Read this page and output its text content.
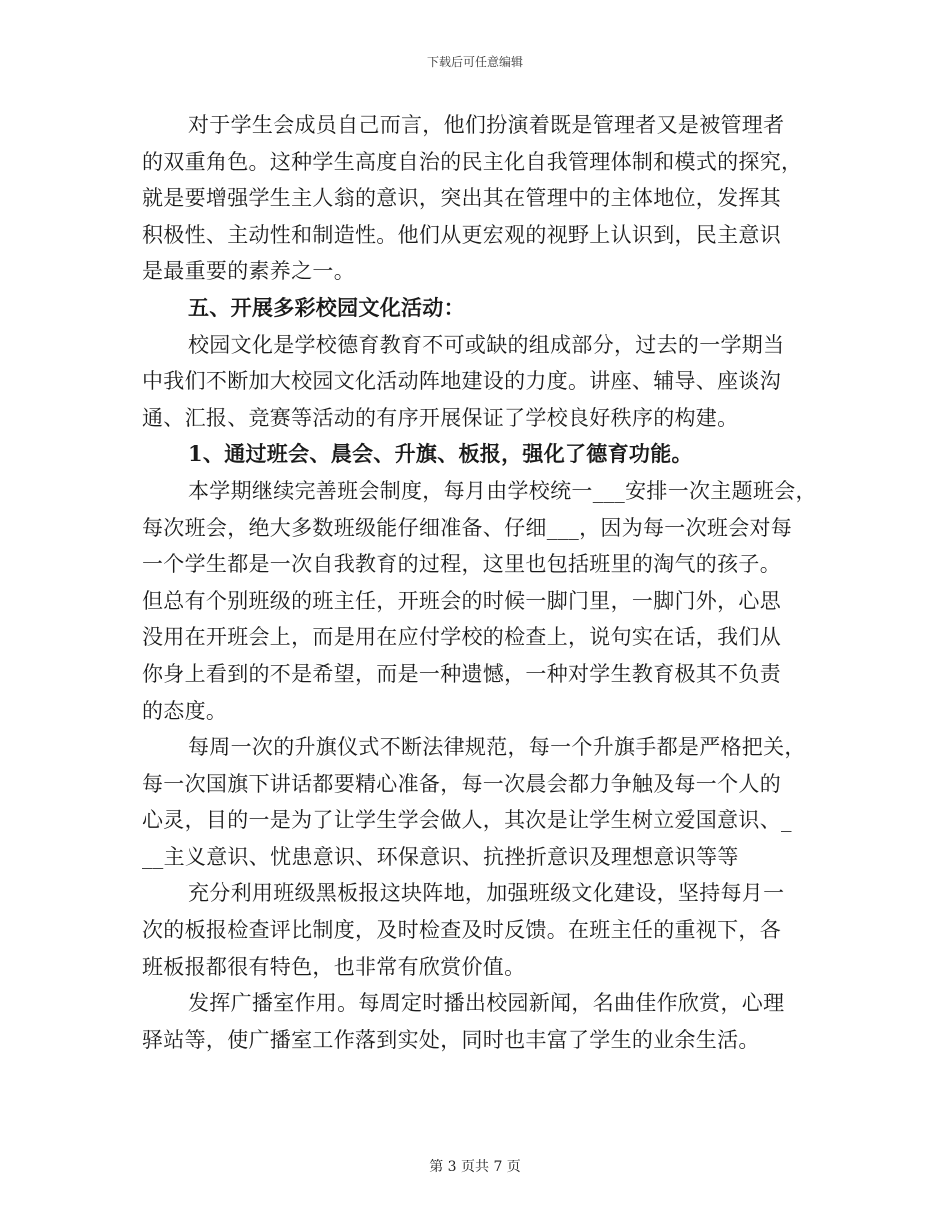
下载后可任意编辑
对于学生会成员自己而言，他们扮演着既是管理者又是被管理者
的双重角色。这种学生高度自治的民主化自我管理体制和模式的探究，
就是要增强学生主人翁的意识，突出其在管理中的主体地位，发挥其
积极性、主动性和制造性。他们从更宏观的视野上认识到，民主意识
是最重要的素养之一。
五、开展多彩校园文化活动：
校园文化是学校德育教育不可或缺的组成部分，过去的一学期当
中我们不断加大校园文化活动阵地建设的力度。讲座、辅导、座谈沟
通、汇报、竞赛等活动的有序开展保证了学校良好秩序的构建。
1、通过班会、晨会、升旗、板报，强化了德育功能。
本学期继续完善班会制度，每月由学校统一___安排一次主题班会，
每次班会，绝大多数班级能仔细准备、仔细___，因为每一次班会对每
一个学生都是一次自我教育的过程，这里也包括班里的淘气的孩子。
但总有个别班级的班主任，开班会的时候一脚门里，一脚门外，心思
没用在开班会上，而是用在应付学校的检查上，说句实在话，我们从
你身上看到的不是希望，而是一种遗憾，一种对学生教育极其不负责
的态度。
每周一次的升旗仪式不断法律规范，每一个升旗手都是严格把关，
每一次国旗下讲话都要精心准备，每一次晨会都力争触及每一个人的
心灵，目的一是为了让学生学会做人，其次是让学生树立爱国意识、_
__主义意识、忧患意识、环保意识、抗挫折意识及理想意识等等
充分利用班级黑板报这块阵地，加强班级文化建设，坚持每月一
次的板报检查评比制度，及时检查及时反馈。在班主任的重视下，各
班板报都很有特色，也非常有欣赏价值。
发挥广播室作用。每周定时播出校园新闻，名曲佳作欣赏，心理
驿站等，使广播室工作落到实处，同时也丰富了学生的业余生活。
第 3 页共 7 页
